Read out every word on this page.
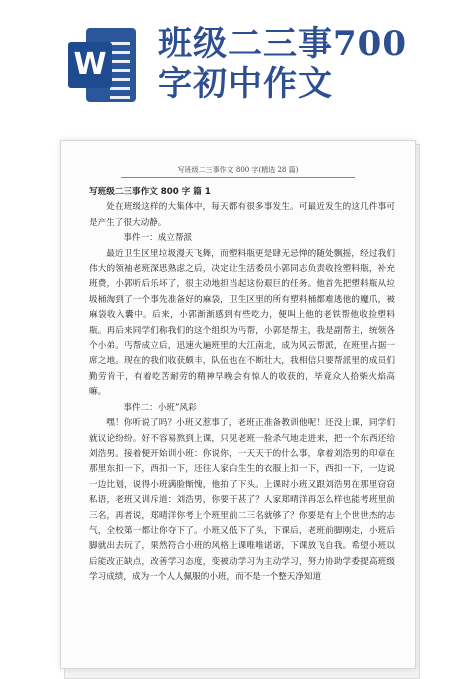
W
班级二三事700
字初中作文
写班级二三事作文 800 字(精选 28 篇)

写班级二三事作文 800 字 篇 1

处在班级这样的大集体中，每天都有很多事发生。可最近发生的这几件事可是产生了很大动静。

事件一：成立帮派

最近卫生区里垃圾漫天飞舞，而塑料瓶更是肆无忌惮的随处飘摇，经过我们伟大的领袖老班深思熟虑之后，决定让生活委员小郭同志负责收捡塑料瓶，补充班费，小郭听后乐坏了，很主动地担当起这份艰巨的任务。他首先把塑料瓶从垃圾桶淘到了一个事先准备好的麻袋，卫生区里的所有塑料桶都难逃他的魔爪，被麻袋收入囊中。后来，小郭渐渐感到有些吃力，便叫上他的老铁帮他收捡塑料瓶。再后来同学们称我们的这个组织为丐帮，小郭是帮主，我是副帮主，统领各个小弟。丐帮成立后，迅速火遍班里的大江南北，成为风云帮派，在班里占据一席之地。现在的我们收获颇丰，队伍也在不断壮大，我相信只要帮派里的成员们勤劳肯干，有着吃苦耐劳的精神早晚会有惊人的收获的，毕竟众人拾柴火焰高嘛。

事件二：小班”风彩

嘿！你听说了吗？小班又惹事了，老班正准备教训他呢！还没上课，同学们就议论纷纷。好不容易熬到上课，只见老班一脸杀气地走进来，把一个东西还给刘浩男。接着便开始训小班：你说你，一天天干的什么事，拿着刘浩男的印章在那里东扣一下，西扣一下，还往人家白生生的衣服上扣一下，西扣一下，一边说一边比划，说得小班满脸惭愧，他拍了下头。上课时小班又跟刘浩男在那里窃窃私语，老班又训斥道：刘浩男，你要干甚了？人家郑晴洋再怎么样也能考班里前三名，再者说，郑晴洋你考上个班里前二三名就够了？你要是有上个世世杰的志气，全校第一都让你夺下了。小班又低下了头，下课后，老班前脚刚走，小班后脚就出去玩了，果然符合小班的风格上课唯唯诺诺，下课放飞自我。希望小班以后能改正缺点，改善学习态度，变被动学习为主动学习，努力协助学委提高班级学习成绩，成为一个人人佩服的小班，而不是一个整天净知道
